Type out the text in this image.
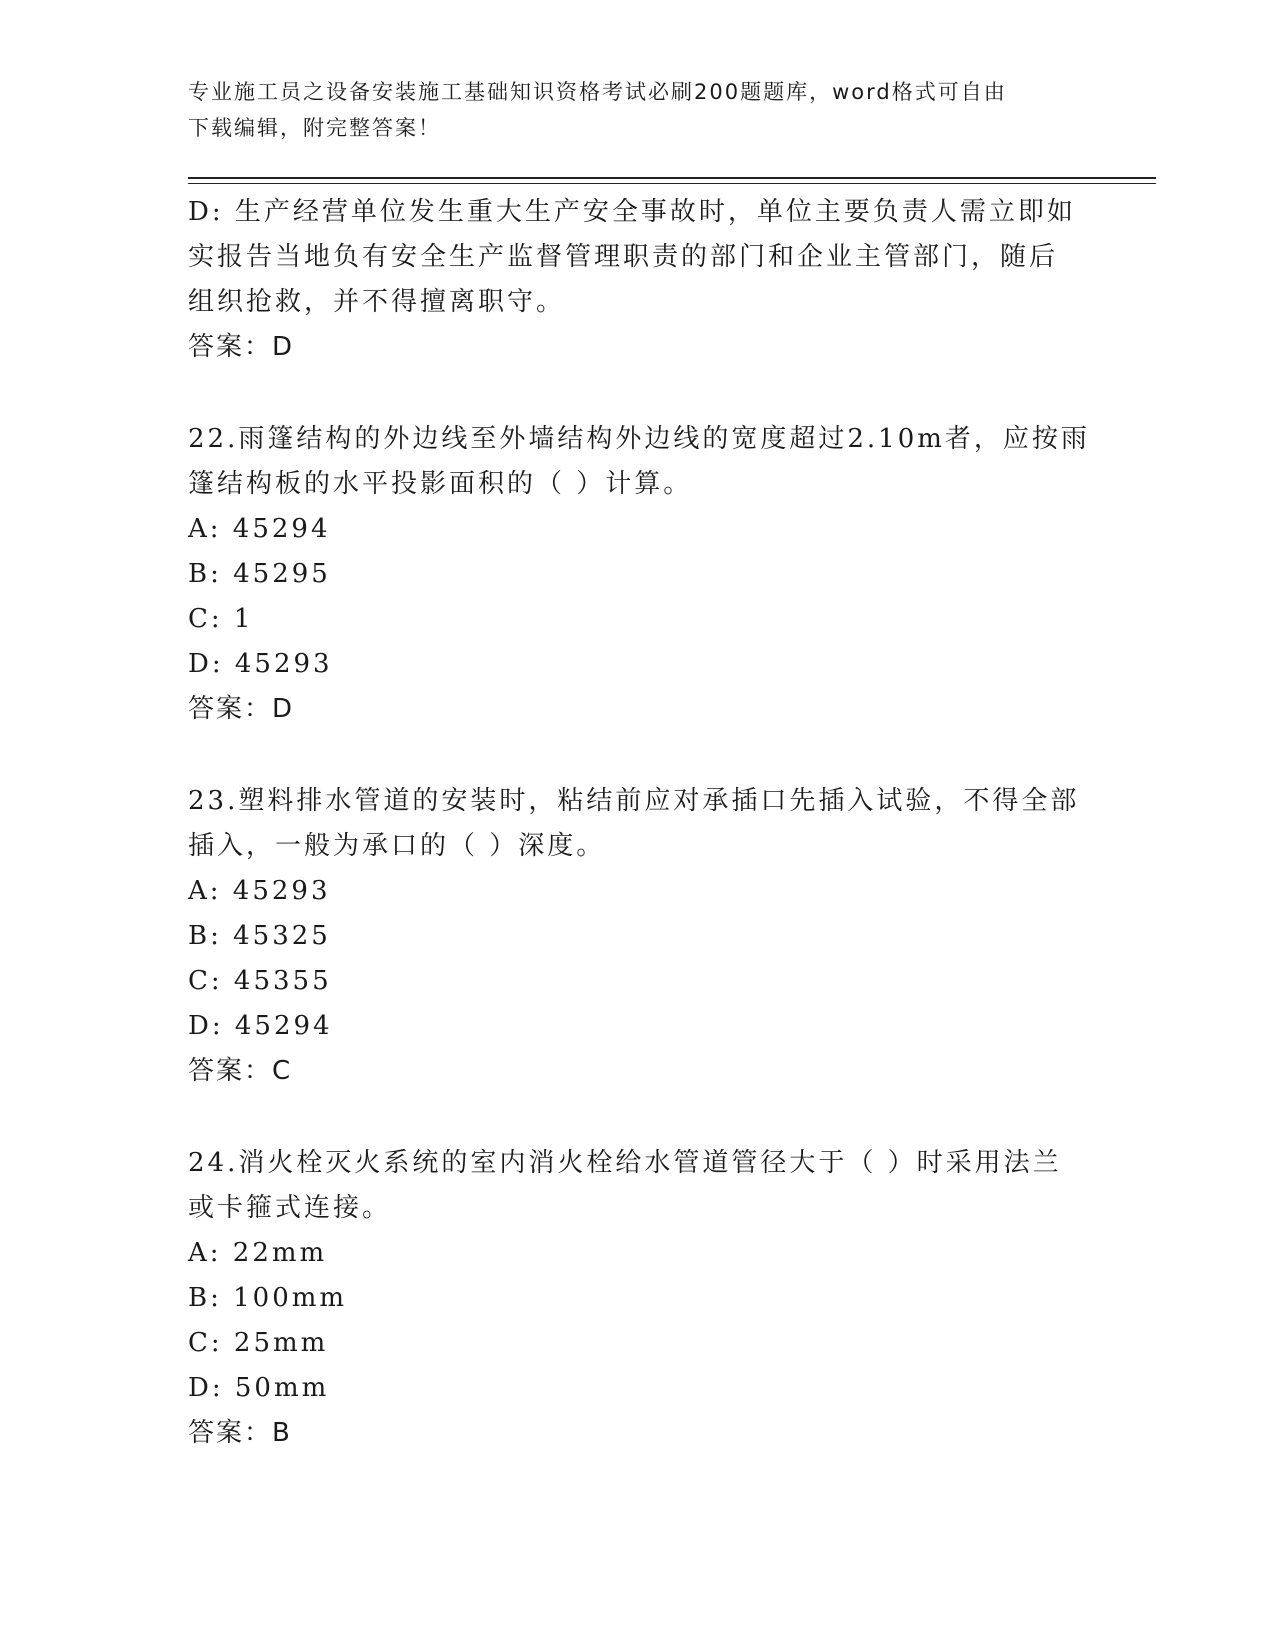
专业施工员之设备安装施工基础知识资格考试必刷200题题库，word格式可自由
下载编辑，附完整答案！
D: 生产经营单位发生重大生产安全事故时，单位主要负责人需立即如
实报告当地负有安全生产监督管理职责的部门和企业主管部门，随后
组织抢救，并不得擅离职守。
答案：D
22.雨篷结构的外边线至外墙结构外边线的宽度超过2.10m者，应按雨
篷结构板的水平投影面积的（ ）计算。
A: 45294
B: 45295
C: 1
D: 45293
答案：D
23.塑料排水管道的安装时，粘结前应对承插口先插入试验，不得全部
插入，一般为承口的（ ）深度。
A: 45293
B: 45325
C: 45355
D: 45294
答案：C
24.消火栓灭火系统的室内消火栓给水管道管径大于（ ）时采用法兰
或卡箍式连接。
A: 22mm
B: 100mm
C: 25mm
D: 50mm
答案：B
